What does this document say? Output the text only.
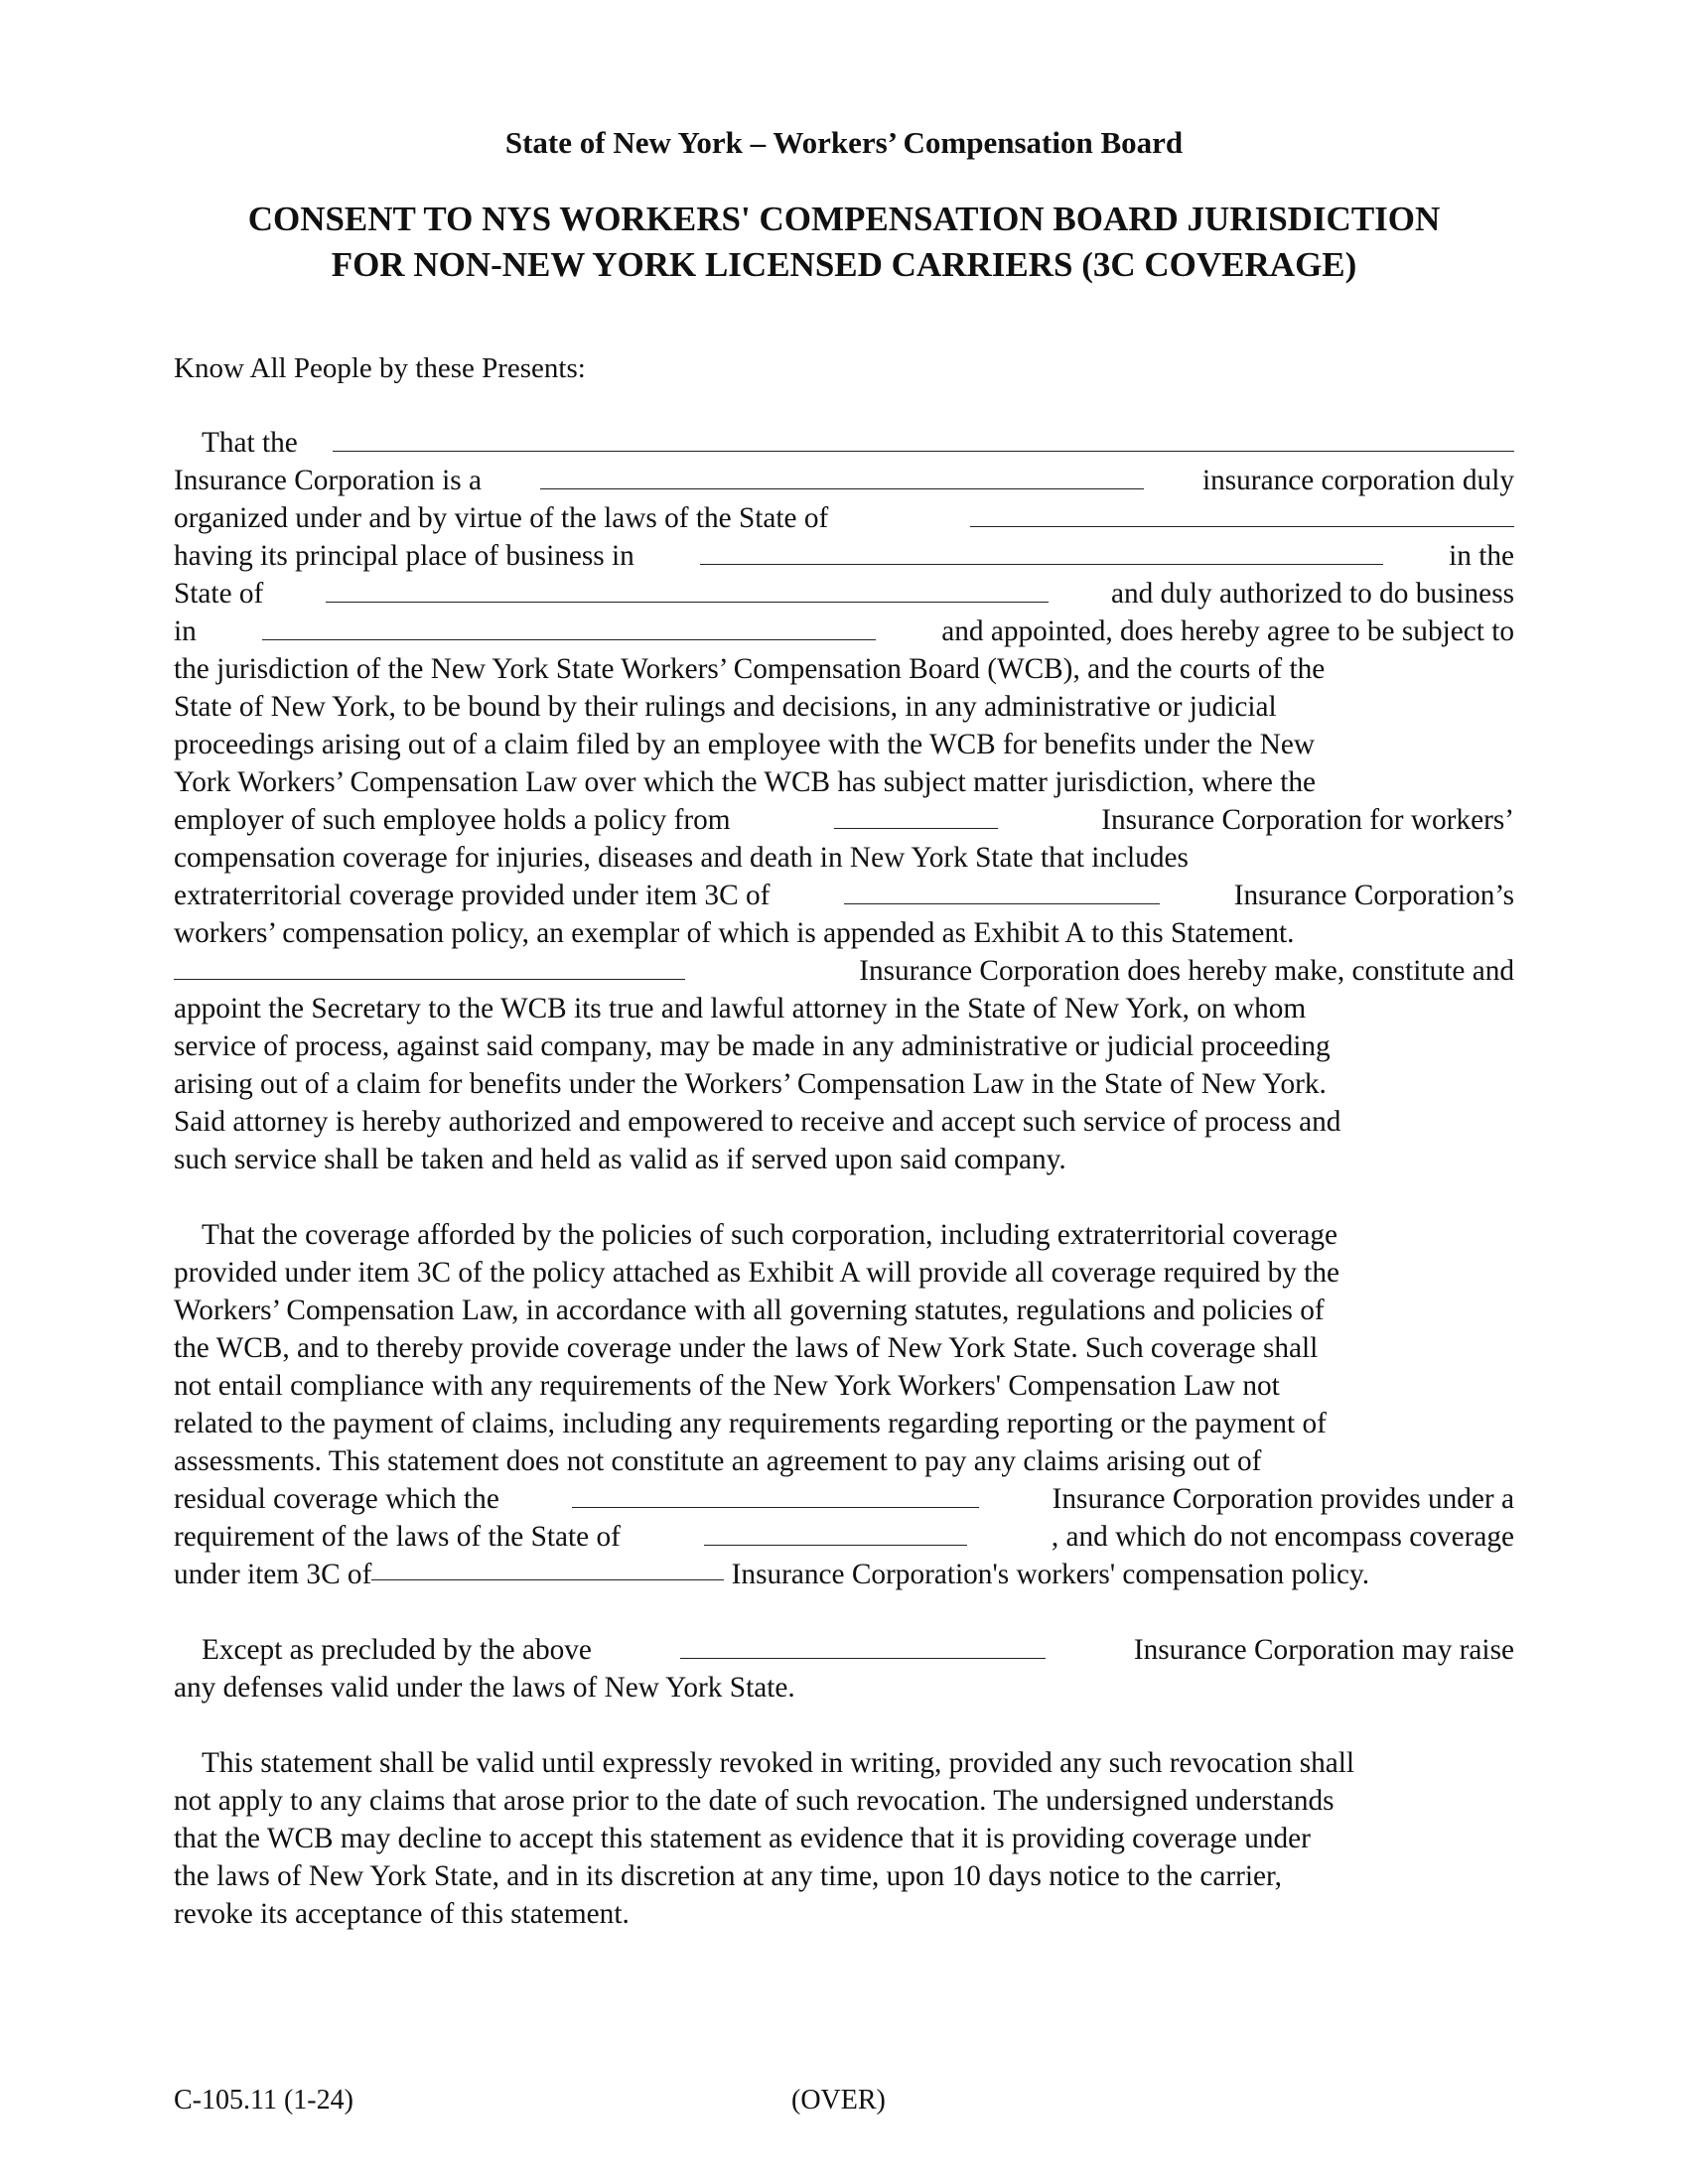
State of New York – Workers’ Compensation Board
CONSENT TO NYS WORKERS' COMPENSATION BOARD JURISDICTION
FOR NON-NEW YORK LICENSED CARRIERS (3C COVERAGE)
Know All People by these Presents:
That the
Insurance Corporation is a	insurance corporation duly
organized under and by virtue of the laws of the State of
having its principal place of business in	in the
State of	and duly authorized to do business
in	and appointed, does hereby agree to be subject to
the jurisdiction of the New York State Workers’ Compensation Board (WCB), and the courts of the
State of New York, to be bound by their rulings and decisions, in any administrative or judicial
proceedings arising out of a claim filed by an employee with the WCB for benefits under the New
York Workers’ Compensation Law over which the WCB has subject matter jurisdiction, where the
employer of such employee holds a policy from	Insurance Corporation for workers’
compensation coverage for injuries, diseases and death in New York State that includes
extraterritorial coverage provided under item 3C of	Insurance Corporation’s
workers’ compensation policy, an exemplar of which is appended as Exhibit A to this Statement.
Insurance Corporation does hereby make, constitute and
appoint the Secretary to the WCB its true and lawful attorney in the State of New York, on whom
service of process, against said company, may be made in any administrative or judicial proceeding
arising out of a claim for benefits under the Workers’ Compensation Law in the State of New York.
Said attorney is hereby authorized and empowered to receive and accept such service of process and
such service shall be taken and held as valid as if served upon said company.
That the coverage afforded by the policies of such corporation, including extraterritorial coverage
provided under item 3C of the policy attached as Exhibit A will provide all coverage required by the
Workers’ Compensation Law, in accordance with all governing statutes, regulations and policies of
the WCB, and to thereby provide coverage under the laws of New York State. Such coverage shall
not entail compliance with any requirements of the New York Workers' Compensation Law not
related to the payment of claims, including any requirements regarding reporting or the payment of
assessments. This statement does not constitute an agreement to pay any claims arising out of
residual coverage which the	Insurance Corporation provides under a
requirement of the laws of the State of	, and which do not encompass coverage
under item 3C of	Insurance Corporation's workers' compensation policy.
Except as precluded by the above	Insurance Corporation may raise
any defenses valid under the laws of New York State.
This statement shall be valid until expressly revoked in writing, provided any such revocation shall
not apply to any claims that arose prior to the date of such revocation. The undersigned understands
that the WCB may decline to accept this statement as evidence that it is providing coverage under
the laws of New York State, and in its discretion at any time, upon 10 days notice to the carrier,
revoke its acceptance of this statement.
C-105.11 (1-24)	(OVER)
